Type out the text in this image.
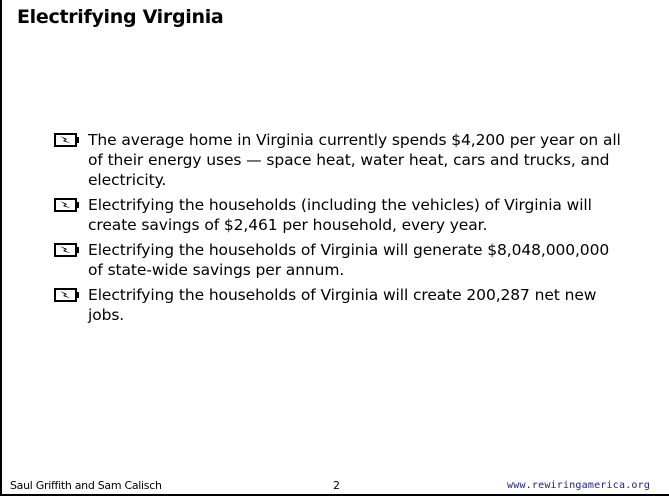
Electrifying Virginia
The average home in Virginia currently spends $4,200 per year on all of their energy uses — space heat, water heat, cars and trucks, and electricity.
Electrifying the households (including the vehicles) of Virginia will create savings of $2,461 per household, every year.
Electrifying the households of Virginia will generate $8,048,000,000 of state-wide savings per annum.
Electrifying the households of Virginia will create 200,287 net new jobs.
Saul Griffith and Sam Calisch	2	www.rewiringamerica.org
